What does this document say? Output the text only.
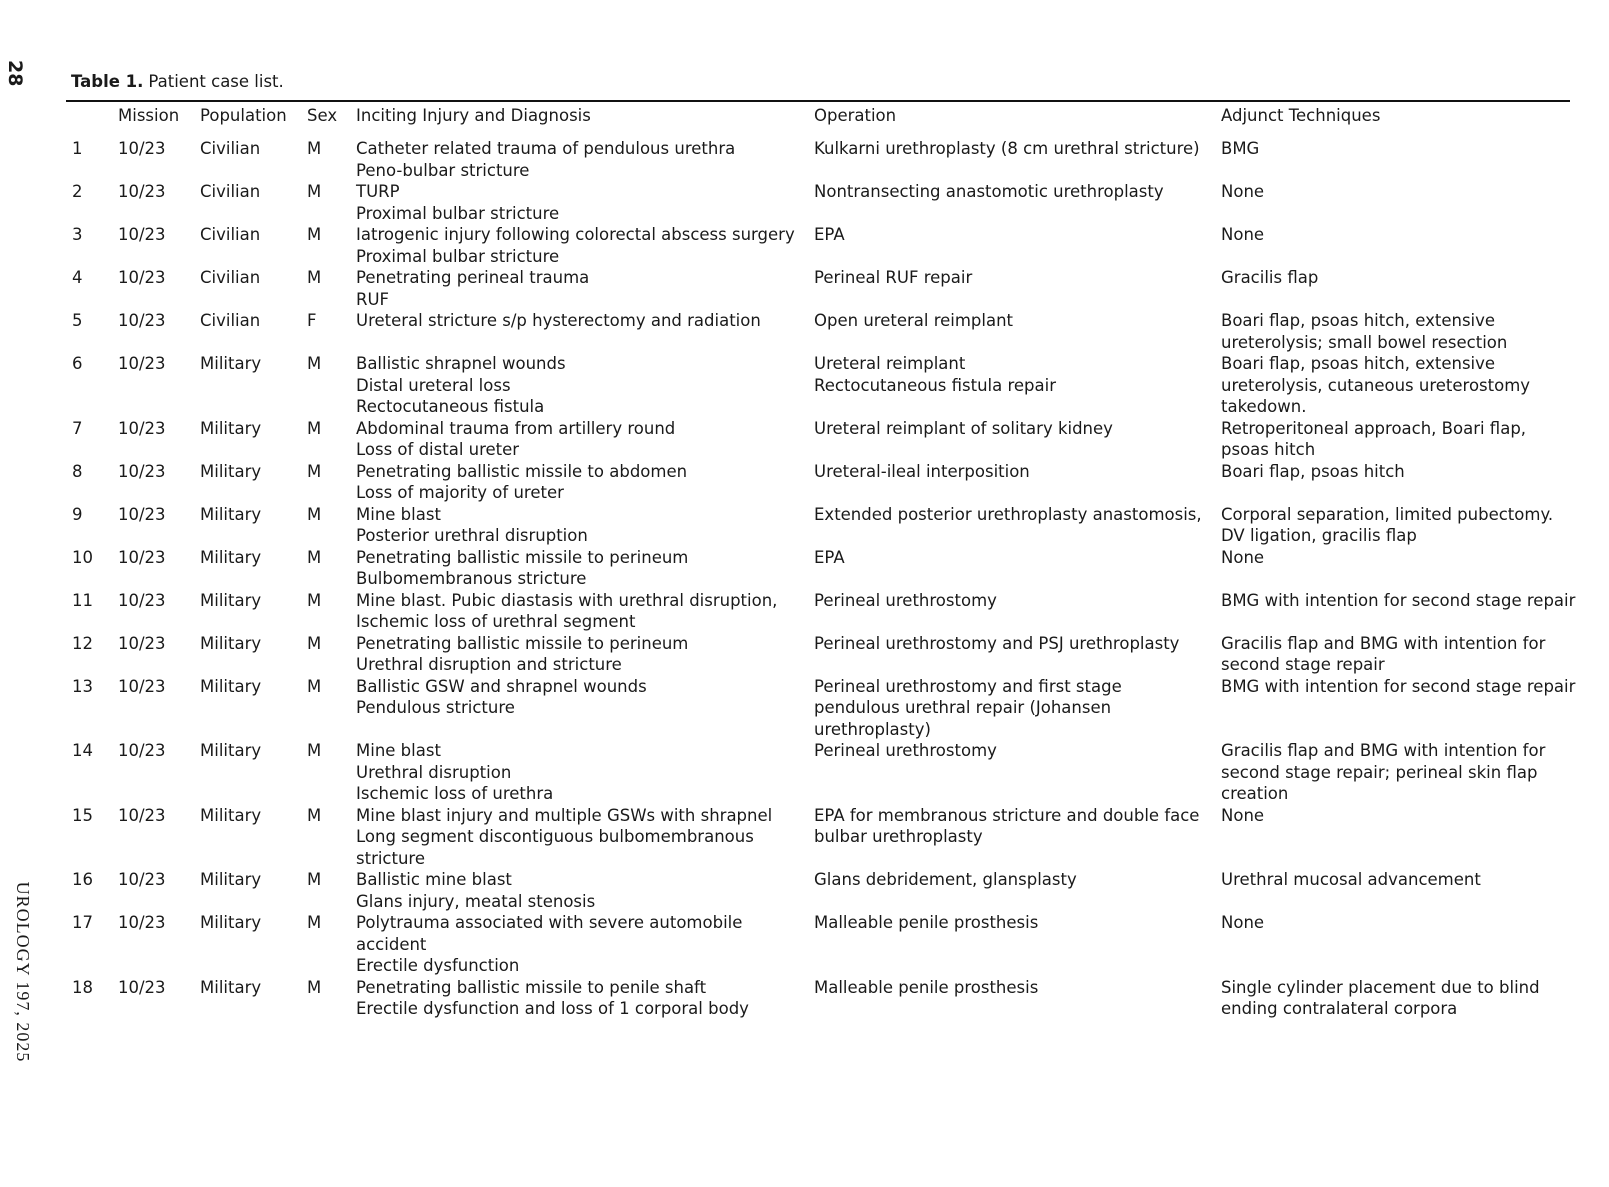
28
UROLOGY 197, 2025
Table 1. Patient case list.
	Mission	Population	Sex	Inciting Injury and Diagnosis	Operation	Adjunct Techniques
1	10/23	Civilian	M	Catheter related trauma of pendulous urethra
Peno-bulbar stricture	Kulkarni urethroplasty (8 cm urethral stricture)	BMG

2	10/23	Civilian	M	TURP
Proximal bulbar stricture	Nontransecting anastomotic urethroplasty	None

3	10/23	Civilian	M	Iatrogenic injury following colorectal abscess surgery
Proximal bulbar stricture	EPA	None

4	10/23	Civilian	M	Penetrating perineal trauma
RUF	Perineal RUF repair	Gracilis flap

5	10/23	Civilian	F	Ureteral stricture s/p hysterectomy and radiation	Open ureteral reimplant	Boari flap, psoas hitch, extensive
ureterolysis; small bowel resection

6	10/23	Military	M	Ballistic shrapnel wounds
Distal ureteral loss
Rectocutaneous fistula	Ureteral reimplant
Rectocutaneous fistula repair	Boari flap, psoas hitch, extensive
ureterolysis, cutaneous ureterostomy
takedown.

7	10/23	Military	M	Abdominal trauma from artillery round
Loss of distal ureter	Ureteral reimplant of solitary kidney	Retroperitoneal approach, Boari flap,
psoas hitch

8	10/23	Military	M	Penetrating ballistic missile to abdomen
Loss of majority of ureter	Ureteral-ileal interposition	Boari flap, psoas hitch

9	10/23	Military	M	Mine blast
Posterior urethral disruption	Extended posterior urethroplasty anastomosis,	Corporal separation, limited pubectomy.
DV ligation, gracilis flap

10	10/23	Military	M	Penetrating ballistic missile to perineum
Bulbomembranous stricture	EPA	None

11	10/23	Military	M	Mine blast. Pubic diastasis with urethral disruption,
Ischemic loss of urethral segment	Perineal urethrostomy	BMG with intention for second stage repair

12	10/23	Military	M	Penetrating ballistic missile to perineum
Urethral disruption and stricture	Perineal urethrostomy and PSJ urethroplasty	Gracilis flap and BMG with intention for
second stage repair

13	10/23	Military	M	Ballistic GSW and shrapnel wounds
Pendulous stricture	Perineal urethrostomy and first stage
pendulous urethral repair (Johansen
urethroplasty)	BMG with intention for second stage repair

14	10/23	Military	M	Mine blast
Urethral disruption
Ischemic loss of urethra	Perineal urethrostomy	Gracilis flap and BMG with intention for
second stage repair; perineal skin flap
creation

15	10/23	Military	M	Mine blast injury and multiple GSWs with shrapnel
Long segment discontiguous bulbomembranous
stricture	EPA for membranous stricture and double face
bulbar urethroplasty	None

16	10/23	Military	M	Ballistic mine blast
Glans injury, meatal stenosis	Glans debridement, glansplasty	Urethral mucosal advancement

17	10/23	Military	M	Polytrauma associated with severe automobile
accident
Erectile dysfunction	Malleable penile prosthesis	None

18	10/23	Military	M	Penetrating ballistic missile to penile shaft
Erectile dysfunction and loss of 1 corporal body	Malleable penile prosthesis	Single cylinder placement due to blind
ending contralateral corpora
